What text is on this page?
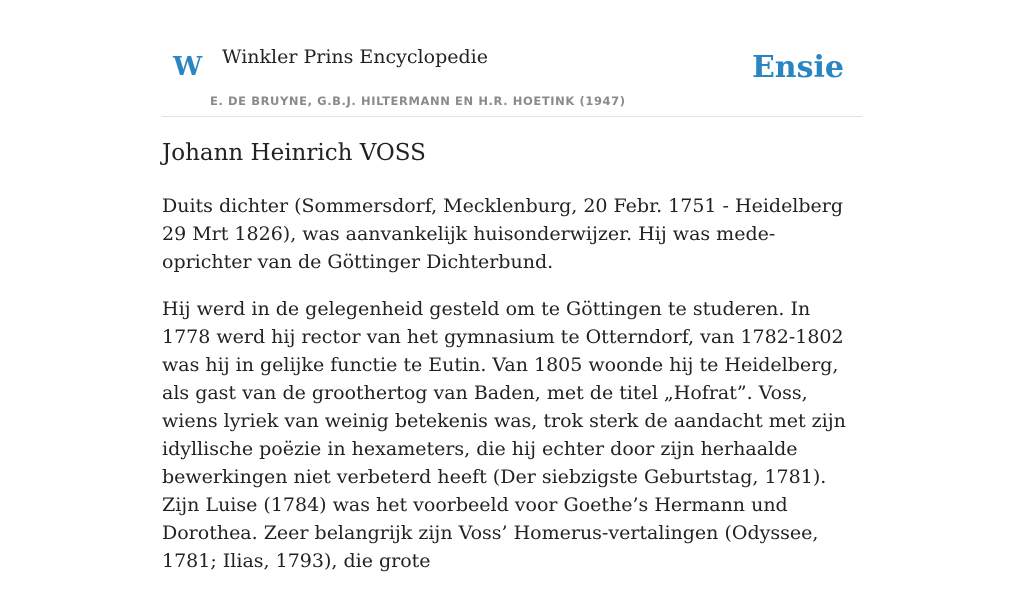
W Winkler Prins Encyclopedie
E. DE BRUYNE, G.B.J. HILTERMANN EN H.R. HOETINK (1947)
Ensie
Johann Heinrich VOSS

Duits dichter (Sommersdorf, Mecklenburg, 20 Febr. 1751 - Heidelberg 29 Mrt 1826), was aanvankelijk huisonderwijzer. Hij was mede-oprichter van de Göttinger Dichterbund.

Hij werd in de gelegenheid gesteld om te Göttingen te studeren. In 1778 werd hij rector van het gymnasium te Otterndorf, van 1782-1802 was hij in gelijke functie te Eutin. Van 1805 woonde hij te Heidelberg, als gast van de groothertog van Baden, met de titel „Hofrat”. Voss, wiens lyriek van weinig betekenis was, trok sterk de aandacht met zijn idyllische poëzie in hexameters, die hij echter door zijn herhaalde bewerkingen niet verbeterd heeft (Der siebzigste Geburtstag, 1781). Zijn Luise (1784) was het voorbeeld voor Goethe’s Hermann und Dorothea. Zeer belangrijk zijn Voss’ Homerus-vertalingen (Odyssee, 1781; Ilias, 1793), die grote
